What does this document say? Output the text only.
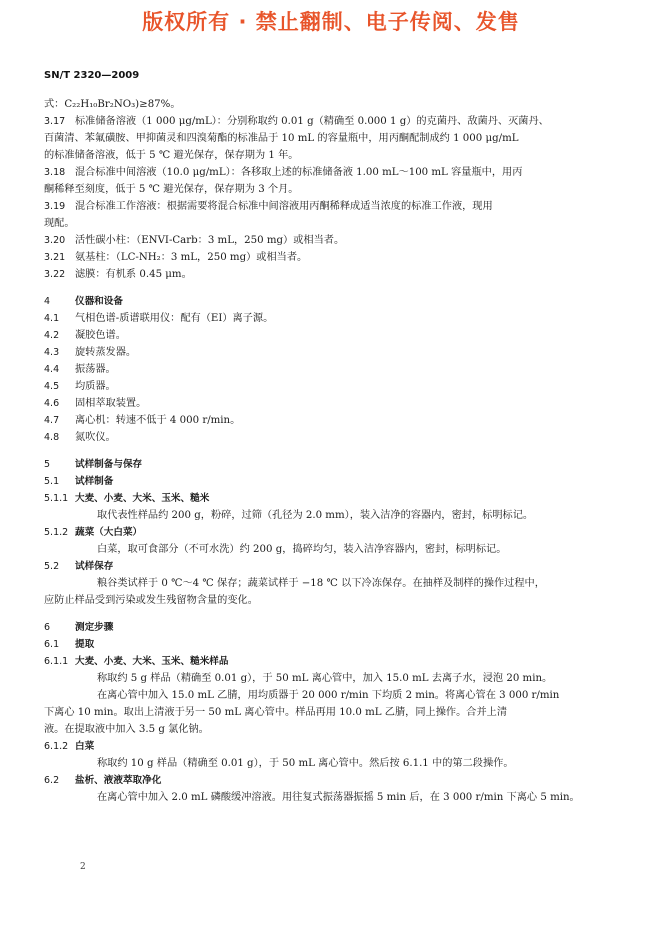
版权所有 · 禁止翻制、电子传阅、发售
SN/T 2320—2009
式：C₂₂H₁₀Br₂NO₃)≥87%。
3.17 标准储备溶液（1 000 μg/mL）：分别称取约 0.01 g（精确至 0.000 1 g）的克菌丹、敌菌丹、灭菌丹、
百菌清、苯氟磺胺、甲抑菌灵和四溴菊酯的标准品于 10 mL 的容量瓶中，用丙酮配制成约 1 000 μg/mL
的标准储备溶液，低于 5 ℃ 避光保存，保存期为 1 年。
3.18 混合标准中间溶液（10.0 μg/mL）：各移取上述的标准储备液 1.00 mL～100 mL 容量瓶中，用丙
酮稀释至刻度，低于 5 ℃ 避光保存，保存期为 3 个月。
3.19 混合标准工作溶液：根据需要将混合标准中间溶液用丙酮稀释成适当浓度的标准工作液，现用
现配。
3.20 活性碳小柱：（ENVI-Carb：3 mL，250 mg）或相当者。
3.21 氨基柱：（LC-NH₂：3 mL，250 mg）或相当者。
3.22 滤膜：有机系 0.45 μm。
4	仪器和设备
4.1 气相色谱-质谱联用仪：配有（EI）离子源。
4.2 凝胶色谱。
4.3 旋转蒸发器。
4.4 振荡器。
4.5 均质器。
4.6 固相萃取装置。
4.7 离心机：转速不低于 4 000 r/min。
4.8 氮吹仪。
5	试样制备与保存
5.1 试样制备
5.1.1 大麦、小麦、大米、玉米、糙米
取代表性样品约 200 g，粉碎，过筛（孔径为 2.0 mm），装入洁净的容器内，密封，标明标记。
5.1.2 蔬菜（大白菜）
白菜，取可食部分（不可水洗）约 200 g，捣碎均匀，装入洁净容器内，密封，标明标记。
5.2 试样保存
粮谷类试样于 0 ℃～4 ℃ 保存；蔬菜试样于 −18 ℃ 以下冷冻保存。在抽样及制样的操作过程中，
应防止样品受到污染或发生残留物含量的变化。
6	测定步骤
6.1 提取
6.1.1 大麦、小麦、大米、玉米、糙米样品
称取约 5 g 样品（精确至 0.01 g），于 50 mL 离心管中，加入 15.0 mL 去离子水，浸泡 20 min。
在离心管中加入 15.0 mL 乙腈，用均质器于 20 000 r/min 下均质 2 min。将离心管在 3 000 r/min
下离心 10 min。取出上清液于另一 50 mL 离心管中。样品再用 10.0 mL 乙腈，同上操作。合并上清
液。在提取液中加入 3.5 g 氯化钠。
6.1.2 白菜
称取约 10 g 样品（精确至 0.01 g），于 50 mL 离心管中。然后按 6.1.1 中的第二段操作。
6.2 盐析、液液萃取净化
在离心管中加入 2.0 mL 磷酸缓冲溶液。用往复式振荡器振摇 5 min 后，在 3 000 r/min 下离心 5 min。
2
